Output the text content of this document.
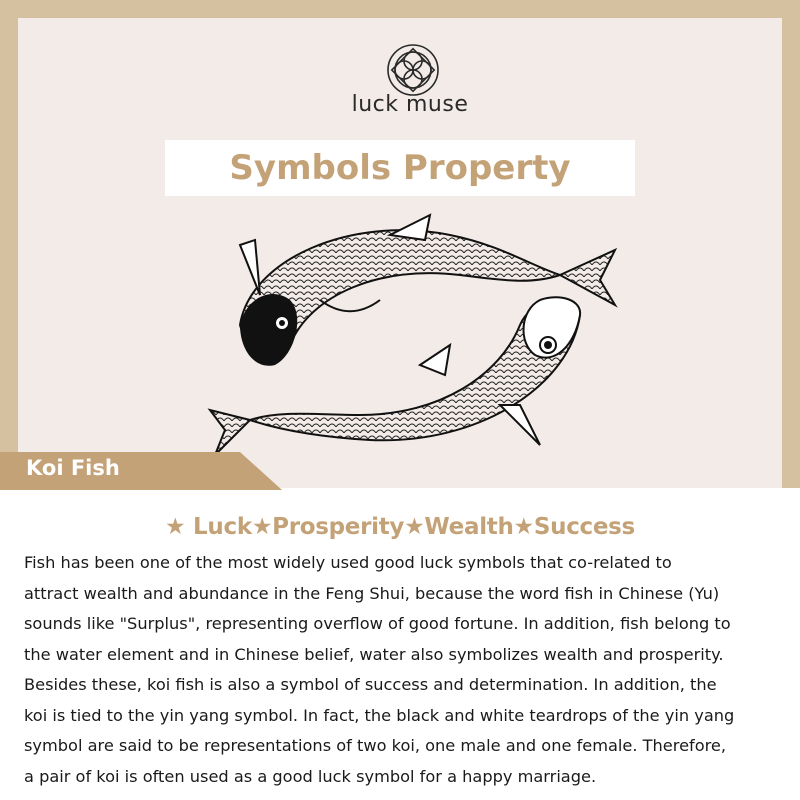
luck muse
Symbols Property
Koi Fish
★ Luck★Prosperity★Wealth★Success

Fish has been one of the most widely used good luck symbols that co-related to

attract wealth and abundance in the Feng Shui, because the word fish in Chinese (Yu)

sounds like "Surplus", representing overflow of good fortune. In addition, fish belong to

the water element and in Chinese belief, water also symbolizes wealth and prosperity.

Besides these, koi fish is also a symbol of success and determination. In addition, the

koi is tied to the yin yang symbol. In fact, the black and white teardrops of the yin yang

symbol are said to be representations of two koi, one male and one female. Therefore,

a pair of koi is often used as a good luck symbol for a happy marriage.
